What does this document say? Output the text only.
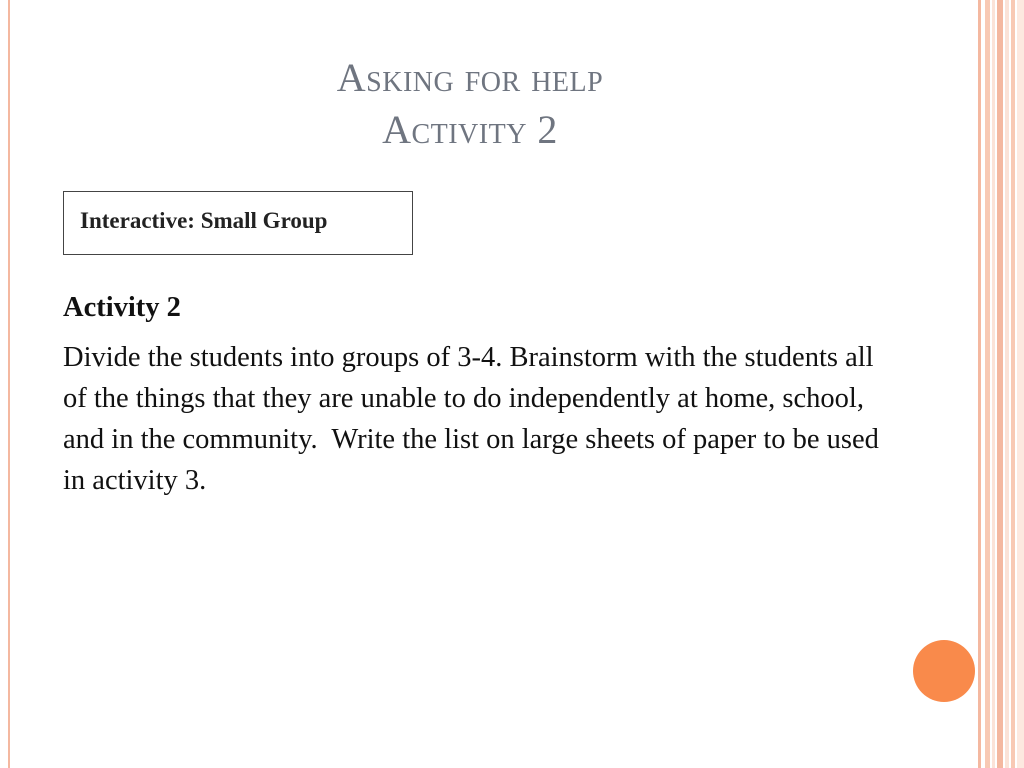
Asking for help
Activity 2
Interactive: Small Group

Activity 2

Divide the students into groups of 3-4. Brainstorm with the students all of the things that they are unable to do independently at home, school, and in the community.  Write the list on large sheets of paper to be used in activity 3.
